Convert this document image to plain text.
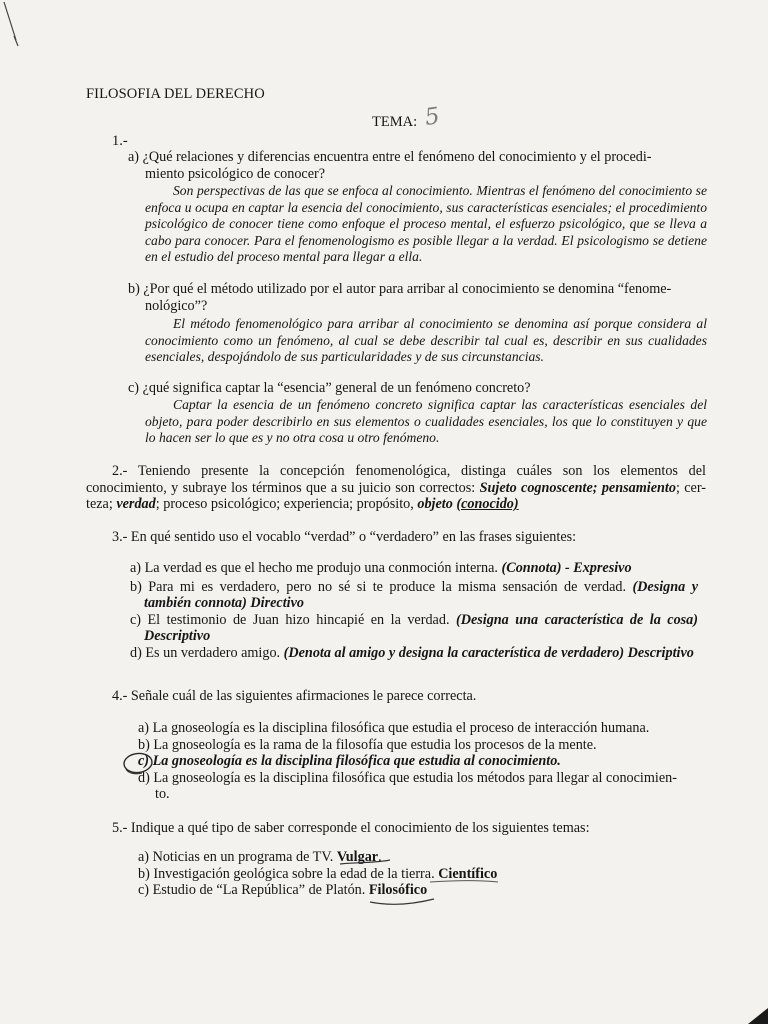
FILOSOFIA DEL DERECHO
TEMA: 5
1.-
a) ¿Qué relaciones y diferencias encuentra entre el fenómeno del conocimiento y el procedi-
miento psicológico de conocer?
Son perspectivas de las que se enfoca al conocimiento. Mientras el fenómeno del conocimiento se enfoca u ocupa en captar la esencia del conocimiento, sus características esenciales; el procedimiento psicológico de conocer tiene como enfoque el proceso mental, el esfuerzo psicológico, que se lleva a cabo para conocer. Para el fenomenologismo es posible llegar a la verdad. El psicologismo se detiene en el estudio del proceso mental para llegar a ella.
b) ¿Por qué el método utilizado por el autor para arribar al conocimiento se denomina “fenome-
nológico”?
El método fenomenológico para arribar al conocimiento se denomina así porque considera al conocimiento como un fenómeno, al cual se debe describir tal cual es, describir en sus cualidades esenciales, despojándolo de sus particularidades y de sus circunstancias.
c) ¿qué significa captar la “esencia” general de un fenómeno concreto?
Captar la esencia de un fenómeno concreto significa captar las características esenciales del objeto, para poder describirlo en sus elementos o cualidades esenciales, los que lo constituyen y que lo hacen ser lo que es y no otra cosa u otro fenómeno.
2.- Teniendo presente la concepción fenomenológica, distinga cuáles son los elementos del conocimiento, y subraye los términos que a su juicio son correctos: Sujeto cognoscente; pensamiento; cer-teza; verdad; proceso psicológico; experiencia; propósito, objeto (conocido)
3.- En qué sentido uso el vocablo “verdad” o “verdadero” en las frases siguientes:
a) La verdad es que el hecho me produjo una conmoción interna. (Connota) - Expresivo
b) Para mi es verdadero, pero no sé si te produce la misma sensación de verdad. (Designa y también connota) Directivo
c) El testimonio de Juan hizo hincapié en la verdad. (Designa una característica de la cosa) Descriptivo
d) Es un verdadero amigo. (Denota al amigo y designa la característica de verdadero) Descriptivo
4.- Señale cuál de las siguientes afirmaciones le parece correcta.
a) La gnoseología es la disciplina filosófica que estudia el proceso de interacción humana.
b) La gnoseología es la rama de la filosofía que estudia los procesos de la mente.
c) La gnoseología es la disciplina filosófica que estudia al conocimiento.
d) La gnoseología es la disciplina filosófica que estudia los métodos para llegar al conocimien-
to.
5.- Indique a qué tipo de saber corresponde el conocimiento de los siguientes temas:
a) Noticias en un programa de TV. Vulgar.
b) Investigación geológica sobre la edad de la tierra. Científico
c) Estudio de “La República” de Platón. Filosófico
